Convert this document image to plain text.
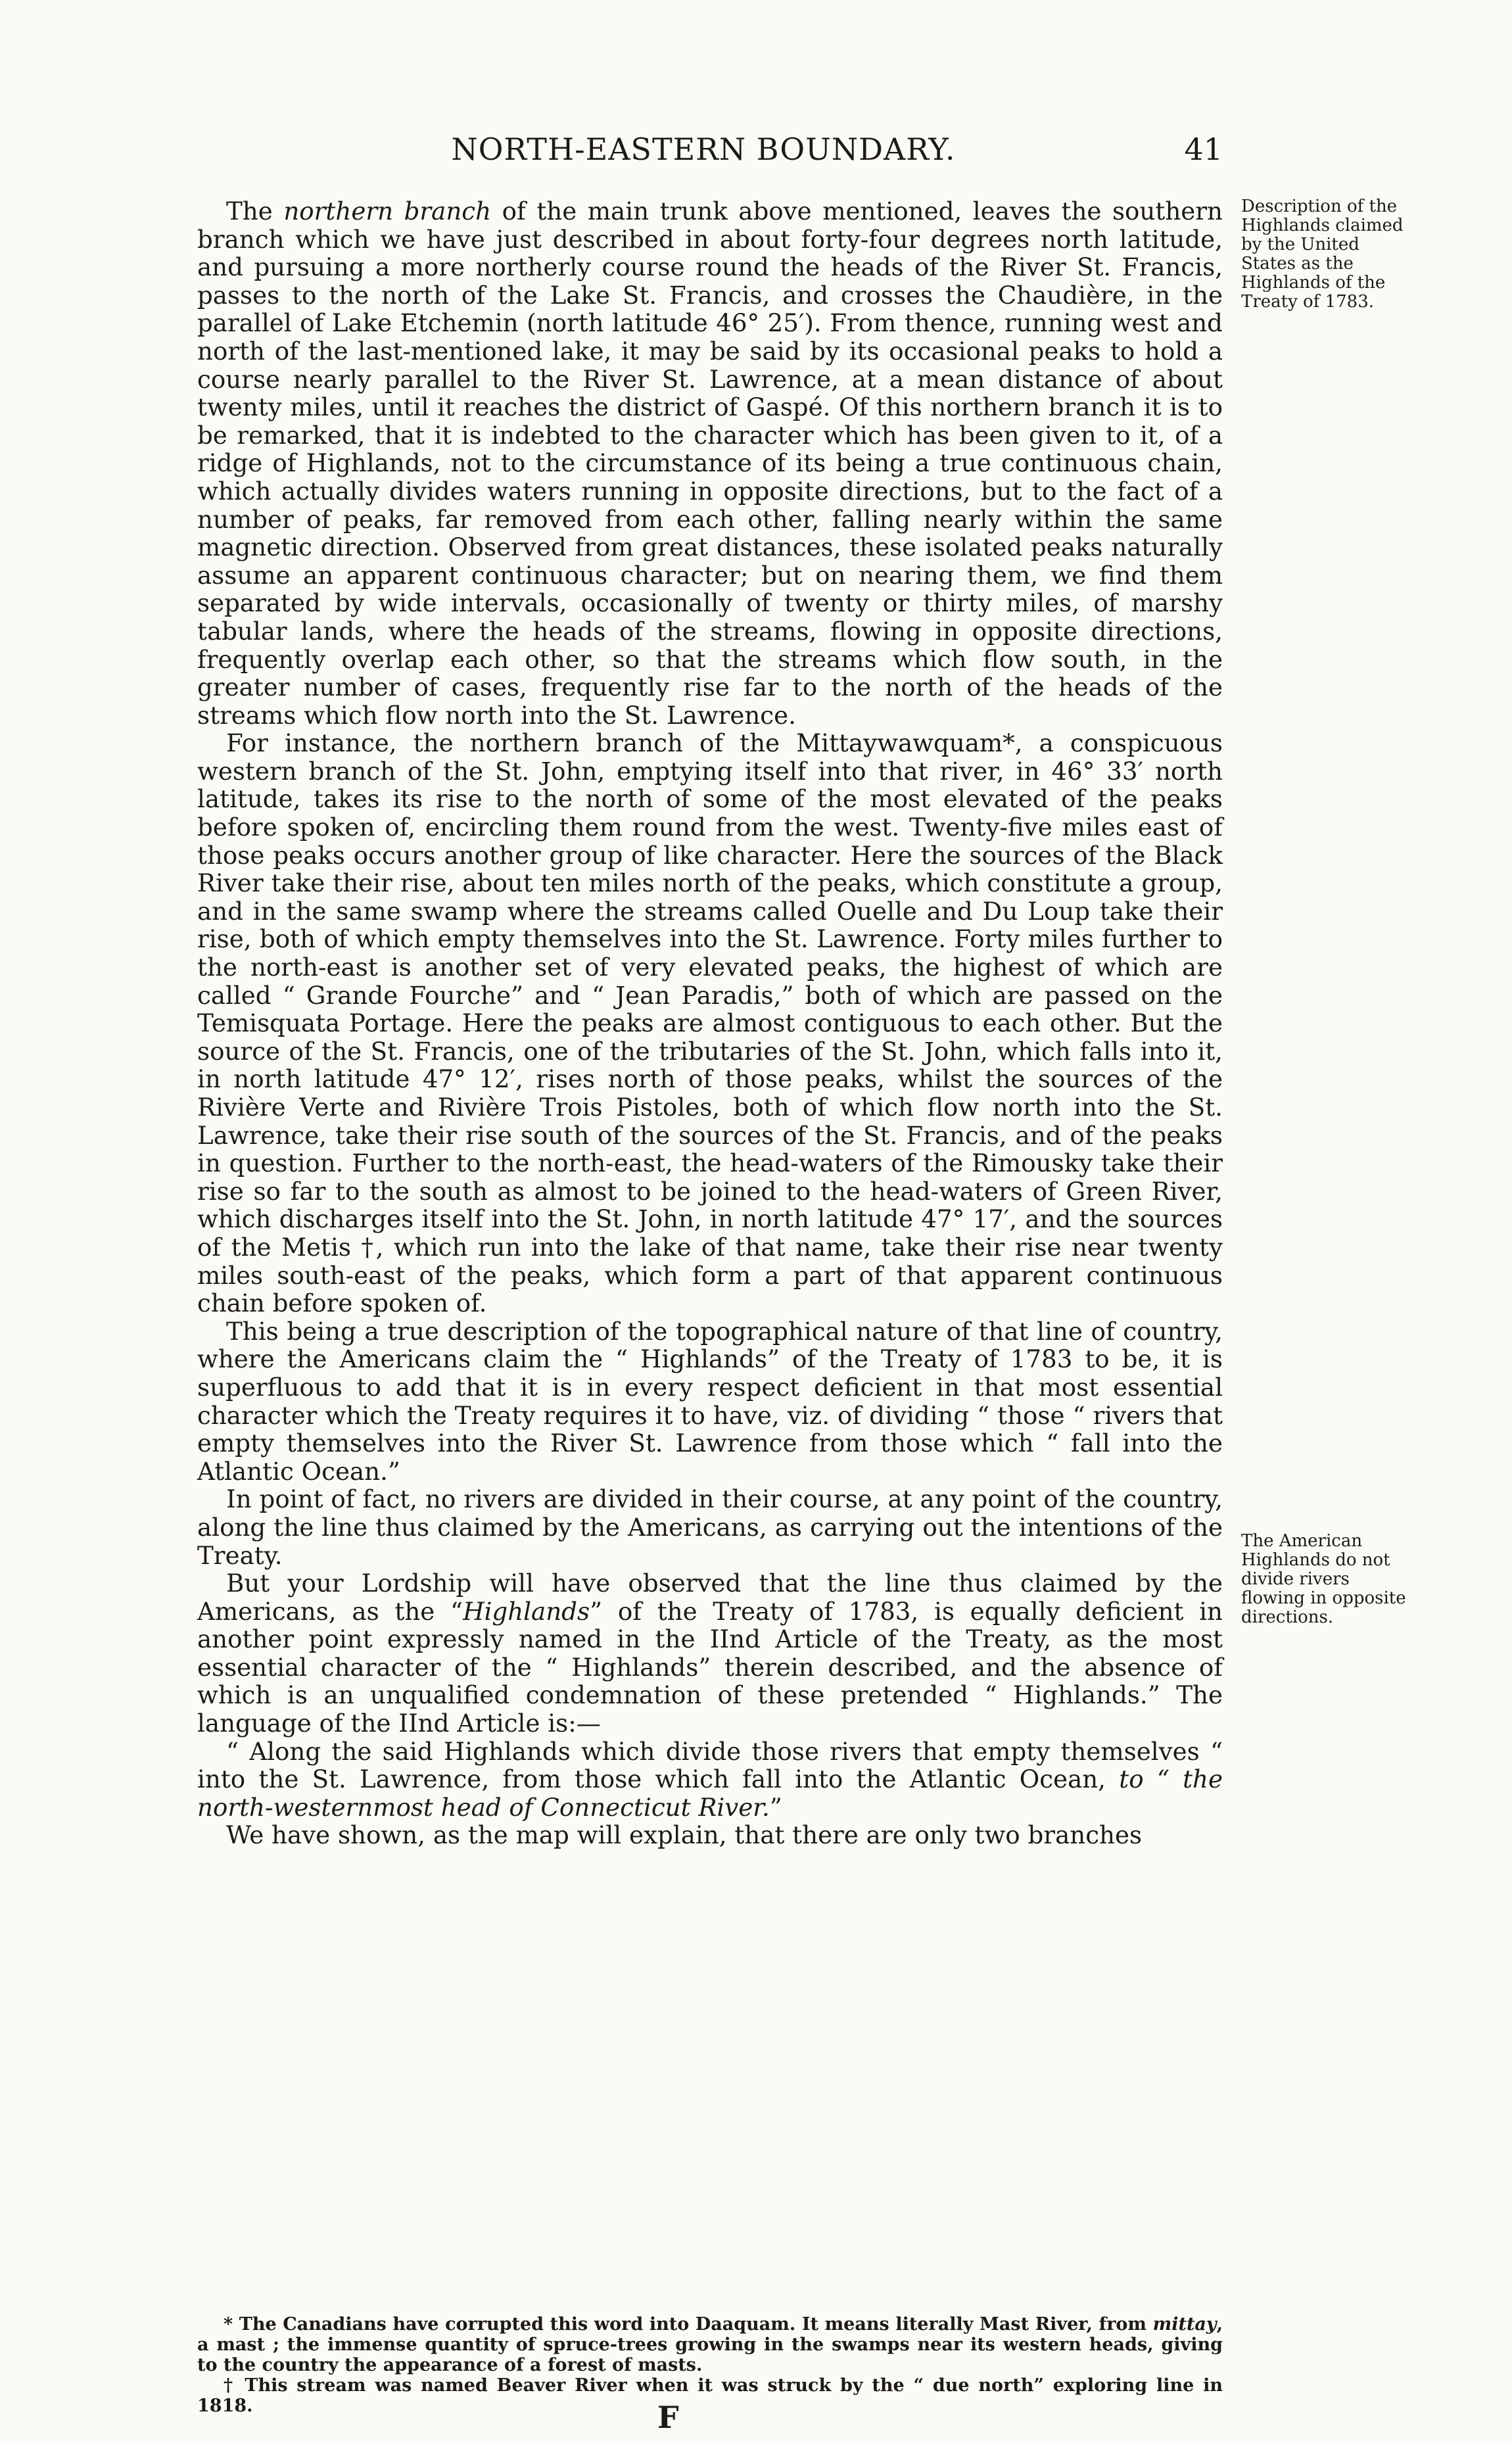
NORTH-EASTERN BOUNDARY.	41

The northern branch of the main trunk above mentioned, leaves the southern branch which we have just described in about forty-four degrees north latitude, and pursuing a more northerly course round the heads of the River St. Francis, passes to the north of the Lake St. Francis, and crosses the Chaudière, in the parallel of Lake Etchemin (north latitude 46° 25′). From thence, running west and north of the last-mentioned lake, it may be said by its occasional peaks to hold a course nearly parallel to the River St. Lawrence, at a mean distance of about twenty miles, until it reaches the district of Gaspé. Of this northern branch it is to be remarked, that it is indebted to the character which has been given to it, of a ridge of Highlands, not to the circumstance of its being a true continuous chain, which actually divides waters running in opposite directions, but to the fact of a number of peaks, far removed from each other, falling nearly within the same magnetic direction. Observed from great distances, these isolated peaks naturally assume an apparent continuous character; but on nearing them, we find them separated by wide intervals, occasionally of twenty or thirty miles, of marshy tabular lands, where the heads of the streams, flowing in opposite directions, frequently overlap each other, so that the streams which flow south, in the greater number of cases, frequently rise far to the north of the heads of the streams which flow north into the St. Lawrence.

For instance, the northern branch of the Mittaywawquam*, a conspicuous western branch of the St. John, emptying itself into that river, in 46° 33′ north latitude, takes its rise to the north of some of the most elevated of the peaks before spoken of, encircling them round from the west. Twenty-five miles east of those peaks occurs another group of like character. Here the sources of the Black River take their rise, about ten miles north of the peaks, which constitute a group, and in the same swamp where the streams called Ouelle and Du Loup take their rise, both of which empty themselves into the St. Lawrence. Forty miles further to the north-east is another set of very elevated peaks, the highest of which are called “ Grande Fourche” and “ Jean Paradis,” both of which are passed on the Temisquata Portage. Here the peaks are almost contiguous to each other. But the source of the St. Francis, one of the tributaries of the St. John, which falls into it, in north latitude 47° 12′, rises north of those peaks, whilst the sources of the Rivière Verte and Rivière Trois Pistoles, both of which flow north into the St. Lawrence, take their rise south of the sources of the St. Francis, and of the peaks in question. Further to the north-east, the head-waters of the Rimousky take their rise so far to the south as almost to be joined to the head-waters of Green River, which discharges itself into the St. John, in north latitude 47° 17′, and the sources of the Metis †, which run into the lake of that name, take their rise near twenty miles south-east of the peaks, which form a part of that apparent continuous chain before spoken of.

This being a true description of the topographical nature of that line of country, where the Americans claim the “ Highlands” of the Treaty of 1783 to be, it is superfluous to add that it is in every respect deficient in that most essential character which the Treaty requires it to have, viz. of dividing “ those “ rivers that empty themselves into the River St. Lawrence from those which “ fall into the Atlantic Ocean.”

In point of fact, no rivers are divided in their course, at any point of the country, along the line thus claimed by the Americans, as carrying out the intentions of the Treaty.

But your Lordship will have observed that the line thus claimed by the Americans, as the “Highlands” of the Treaty of 1783, is equally deficient in another point expressly named in the IInd Article of the Treaty, as the most essential character of the “ Highlands” therein described, and the absence of which is an unqualified condemnation of these pretended “ Highlands.” The language of the IInd Article is:—

“ Along the said Highlands which divide those rivers that empty themselves “ into the St. Lawrence, from those which fall into the Atlantic Ocean, to “ the north-westernmost head of Connecticut River.”

We have shown, as the map will explain, that there are only two branches

Description of the Highlands claimed by the United States as the Highlands of the Treaty of 1783.
The American Highlands do not divide rivers flowing in opposite directions.

* The Canadians have corrupted this word into Daaquam. It means literally Mast River, from mittay, a mast ; the immense quantity of spruce-trees growing in the swamps near its western heads, giving to the country the appearance of a forest of masts.

† This stream was named Beaver River when it was struck by the “ due north” exploring line in 1818.	F
